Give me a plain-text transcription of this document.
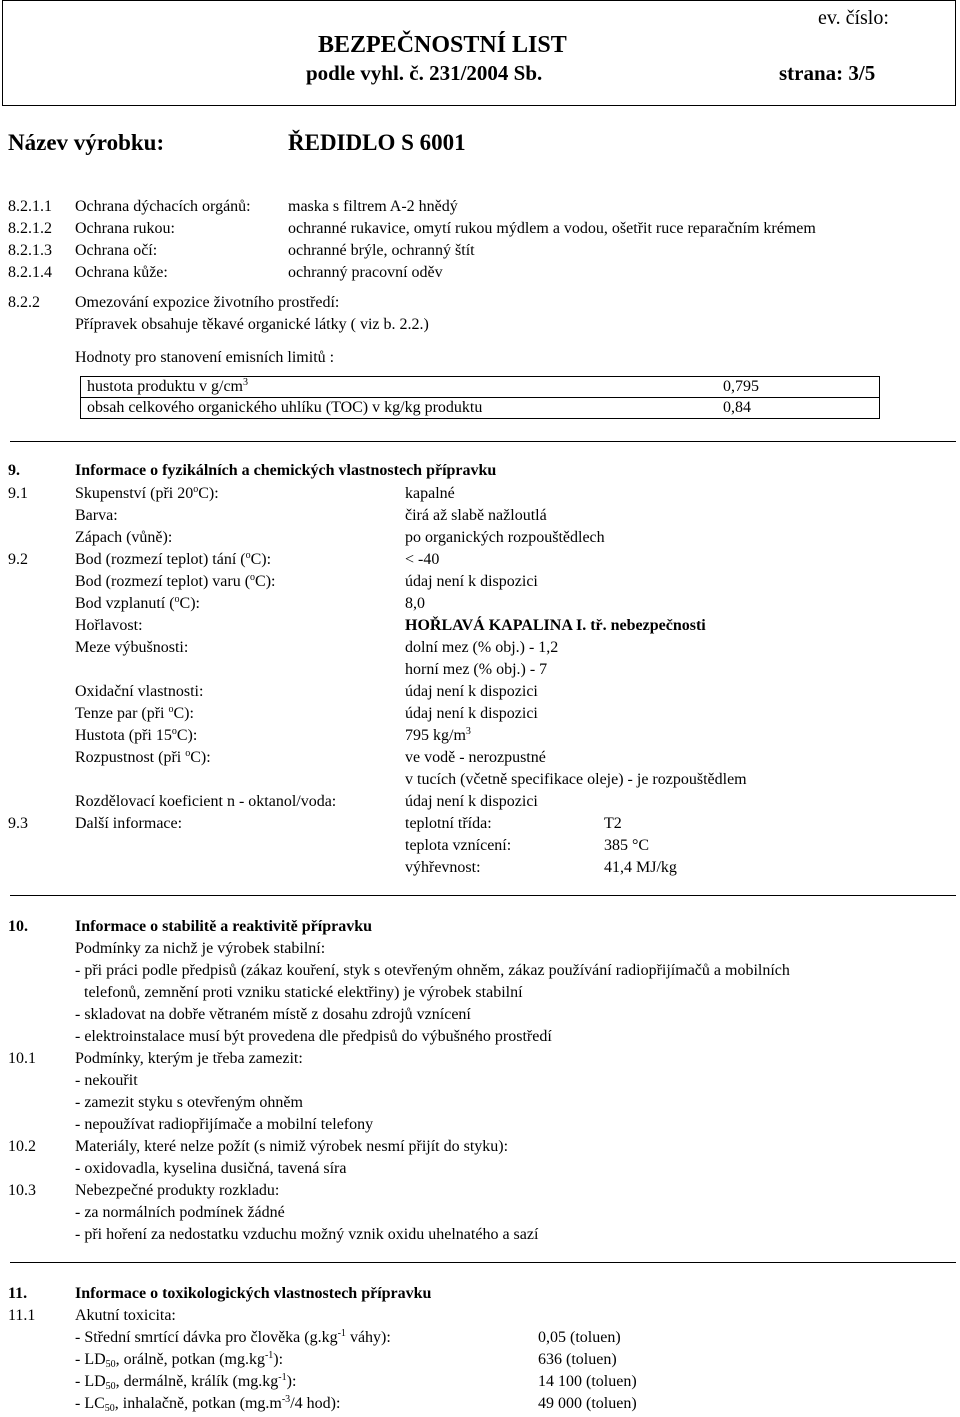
ev. číslo:
BEZPEČNOSTNÍ LIST
podle vyhl. č. 231/2004 Sb.	strana: 3/5
Název výrobku:	ŘEDIDLO S 6001
8.2.1.1 Ochrana dýchacích orgánů: maska s filtrem A-2 hnědý
8.2.1.2 Ochrana rukou:	ochranné rukavice, omytí rukou mýdlem a vodou, ošetřit ruce reparačním krémem
8.2.1.3 Ochrana očí:	ochranné brýle, ochranný štít
8.2.1.4 Ochrana kůže:	ochranný pracovní oděv
8.2.2 Omezování expozice životního prostředí:
Přípravek obsahuje těkavé organické látky ( viz b. 2.2.)
Hodnoty pro stanovení emisních limitů :
hustota produktu v $g/cm^3$	0,795
obsah celkového organického uhlíku (TOC) v kg/kg produktu	0,84
9.	Informace o fyzikálních a chemických vlastnostech přípravku
9.1	Skupenství (při 20$^o$C):	kapalné
Barva:	čirá až slabě nažloutlá
Zápach (vůně):	po organických rozpouštědlech
9.2	Bod (rozmezí teplot) tání ($^o$C):	< -40
Bod (rozmezí teplot) varu ($^o$C):	údaj není k dispozici
Bod vzplanutí ($^o$C):	8,0
Hořlavost:	HOŘLAVÁ KAPALINA I. tř. nebezpečnosti
Meze výbušnosti:	dolní mez (% obj.) - 1,2
horní mez (% obj.) - 7
Oxidační vlastnosti:	údaj není k dispozici
Tenze par (při $^o$C):	údaj není k dispozici
Hustota (při 15$^o$C):	795 $kg/m^3$
Rozpustnost (při $^o$C):	ve vodě - nerozpustné
v tucích (včetně specifikace oleje) - je rozpouštědlem
Rozdělovací koeficient n - oktanol/voda:	údaj není k dispozici
9.3	Další informace:	teplotní třída:	T2
teplota vznícení:	385 °C
výhřevnost:	41,4 MJ/kg
10.	Informace o stabilitě a reaktivitě přípravku
Podmínky za nichž je výrobek stabilní:
- při práci podle předpisů (zákaz kouření, styk s otevřeným ohněm, zákaz používání radiopřijímačů a mobilních
telefonů, zemnění proti vzniku statické elektřiny) je výrobek stabilní
- skladovat na dobře větraném místě z dosahu zdrojů vznícení
- elektroinstalace musí být provedena dle předpisů do výbušného prostředí
10.1 Podmínky, kterým je třeba zamezit:
- nekouřit
- zamezit styku s otevřeným ohněm
- nepoužívat radiopřijímače a mobilní telefony
10.2 Materiály, které nelze požít (s nimiž výrobek nesmí přijít do styku):
- oxidovadla, kyselina dusičná, tavená síra
10.3 Nebezpečné produkty rozkladu:
- za normálních podmínek žádné
- při hoření za nedostatku vzduchu možný vznik oxidu uhelnatého a sazí
11.	Informace o toxikologických vlastnostech přípravku
11.1 Akutní toxicita:
- Střední smrtící dávka pro člověka ($g.kg^{-1}$ váhy):	0,05 (toluen)
- $LD_{50}$, orálně, potkan $(mg.kg^{-1})$:	636 (toluen)
- $LD_{50}$, dermálně, králík $(mg.kg^{-1})$:	14 100 (toluen)
- $LC_{50}$, inhalačně, potkan ($mg.m^{-3}/4$ hod):	49 000 (toluen)
